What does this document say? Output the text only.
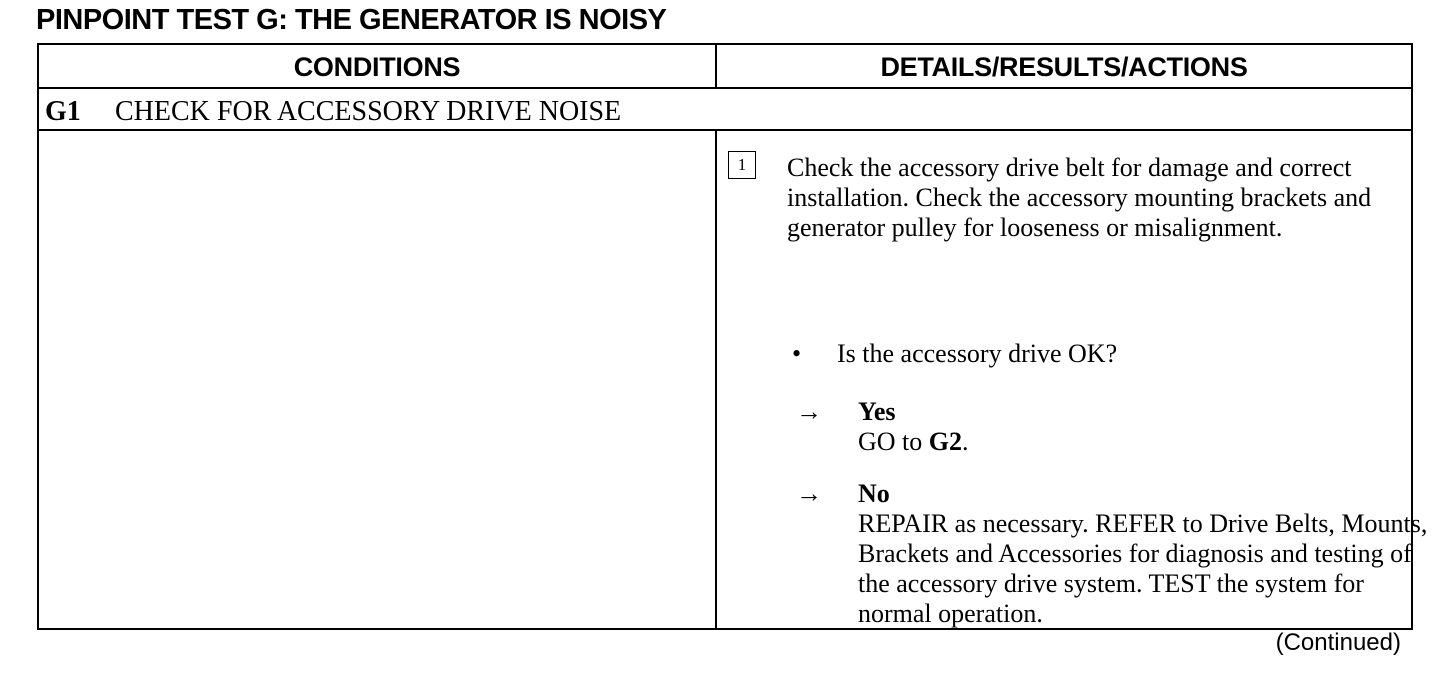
PINPOINT TEST G: THE GENERATOR IS NOISY
CONDITIONS	DETAILS/RESULTS/ACTIONS
G1 CHECK FOR ACCESSORY DRIVE NOISE
1	Check the accessory drive belt for damage and correct installation. Check the accessory mounting brackets and generator pulley for looseness or misalignment.

• Is the accessory drive OK?
→ Yes

GO to G2.

→ No

REPAIR as necessary. REFER to Drive Belts, Mounts, Brackets and Accessories for diagnosis and testing of the accessory drive system. TEST the system for normal operation.

(Continued)
